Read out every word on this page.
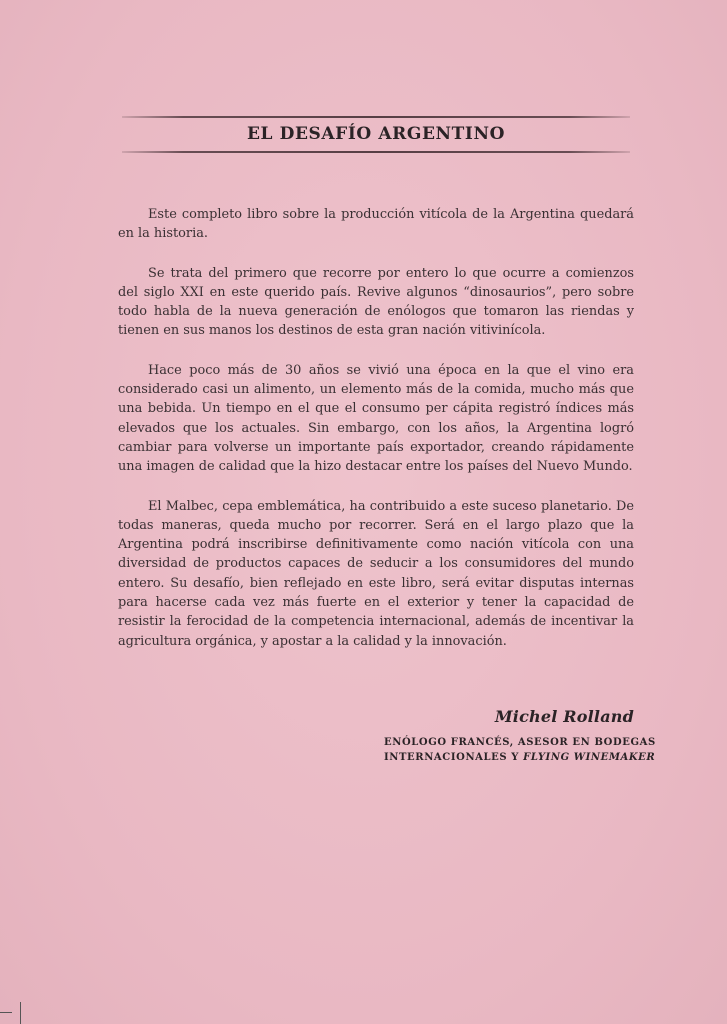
EL DESAFÍO ARGENTINO

Este completo libro sobre la producción vitícola de la Argentina quedará en la historia.

Se trata del primero que recorre por entero lo que ocurre a comienzos del siglo XXI en este querido país. Revive algunos “dinosaurios”, pero sobre todo habla de la nueva generación de enólogos que tomaron las riendas y tienen en sus manos los destinos de esta gran nación vitivinícola.

Hace poco más de 30 años se vivió una época en la que el vino era considerado casi un alimento, un elemento más de la comida, mucho más que una bebida. Un tiempo en el que el consumo per cápita registró índices más elevados que los actuales. Sin embargo, con los años, la Argentina logró cambiar para volverse un importante país exportador, creando rápidamente una imagen de calidad que la hizo destacar entre los países del Nuevo Mundo.

El Malbec, cepa emblemática, ha contribuido a este suceso planetario. De todas maneras, queda mucho por recorrer. Será en el largo plazo que la Argentina podrá inscribirse definitivamente como nación vitícola con una diversidad de productos capaces de seducir a los consumidores del mundo entero. Su desafío, bien reflejado en este libro, será evitar disputas internas para hacerse cada vez más fuerte en el exterior y tener la capacidad de resistir la ferocidad de la competencia internacional, además de incentivar la agricultura orgánica, y apostar a la calidad y la innovación.

Michel Rolland
ENÓLOGO FRANCÉS, ASESOR EN BODEGAS
INTERNACIONALES Y FLYING WINEMAKER
